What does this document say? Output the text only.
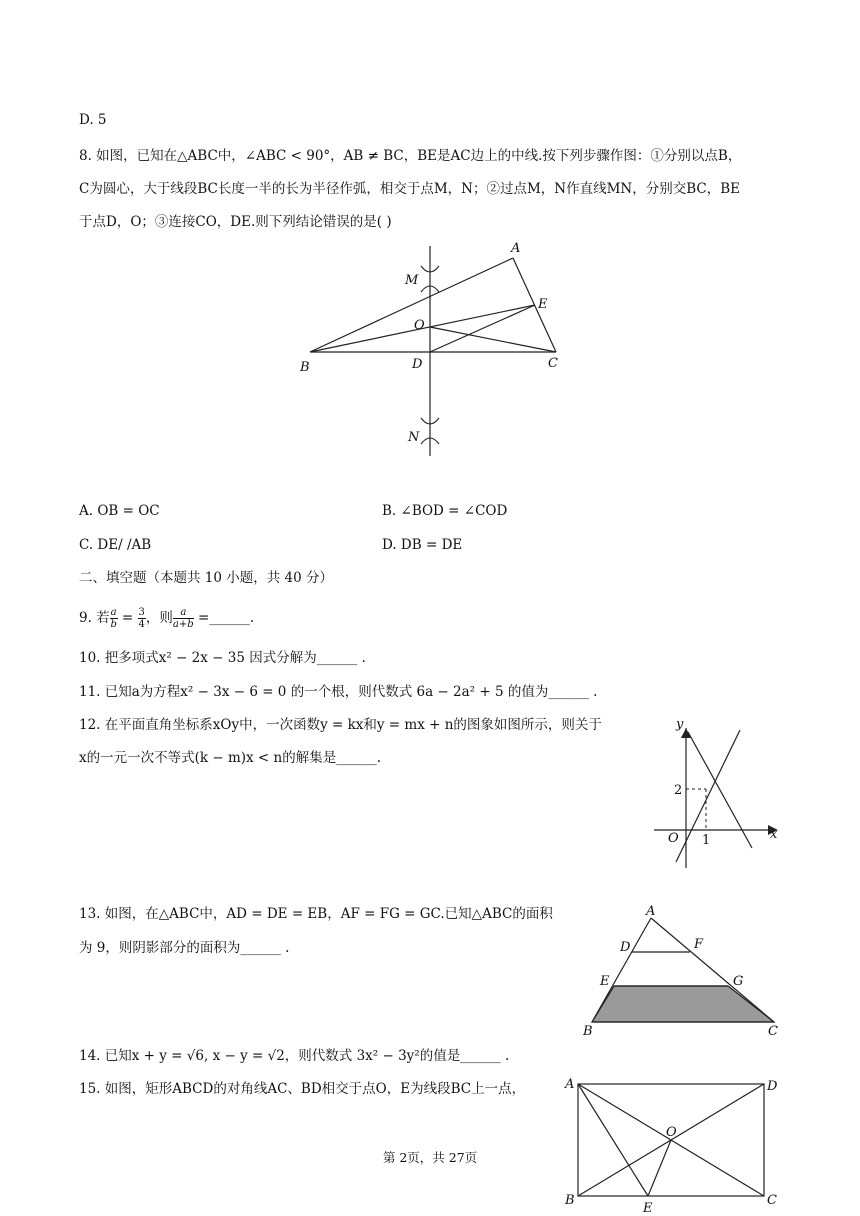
D. 5
8. 如图，已知在△ABC中，∠ABC < 90°，AB ≠ BC，BE是AC边上的中线.按下列步骤作图：①分别以点B，
C为圆心，大于线段BC长度一半的长为半径作弧，相交于点M，N；②过点M，N作直线MN，分别交BC，BE
于点D，O；③连接CO，DE.则下列结论错误的是( )
A
M
E
O
B	D	C
N
A. OB = OC	B. ∠BOD = ∠COD
C. DE/ /AB	D. DB = DE
二、填空题（本题共 10 小题，共 40 分）
9. 若 $\frac{a}{b} = \frac{3}{4}$ ，则 $\frac{a}{a+b}$ =______.
10. 把多项式x² − 2x − 35 因式分解为______ .
11. 已知a为方程x² − 3x − 6 = 0 的一个根，则代数式 6a − 2a² + 5 的值为______ .
12. 在平面直角坐标系xOy中，一次函数y = kx和y = mx + n的图象如图所示，则关于
x的一元一次不等式(k − m)x < n的解集是______.
y
x
O 1
2
13. 如图，在△ABC中，AD = DE = EB，AF = FG = GC.已知△ABC的面积
为 9，则阴影部分的面积为______ .
A
D	F
E	G
B	C
14. 已知x + y = √6, x − y = √2，则代数式 3x² − 3y²的值是______ .
15. 如图，矩形ABCD的对角线AC、BD相交于点O，E为线段BC上一点，	A	D
O
B
E
C
第 2页，共 27页
